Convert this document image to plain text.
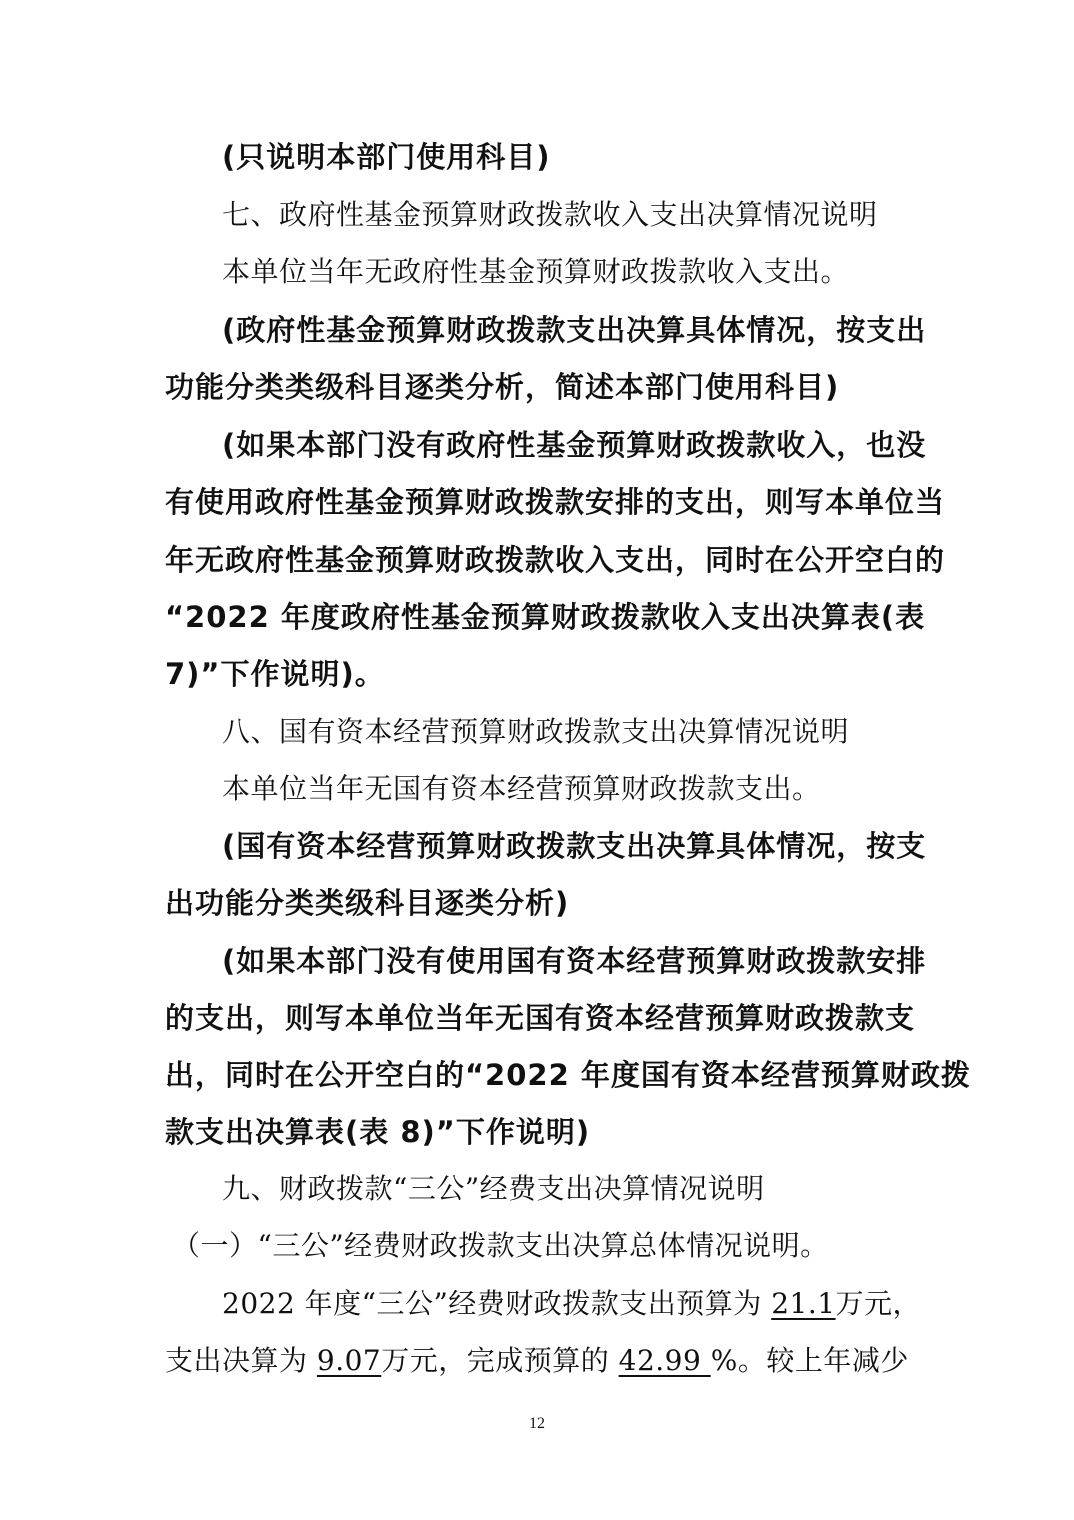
(只说明本部门使用科目)
七、政府性基金预算财政拨款收入支出决算情况说明
本单位当年无政府性基金预算财政拨款收入支出。
(政府性基金预算财政拨款支出决算具体情况，按支出
功能分类类级科目逐类分析，简述本部门使用科目)
(如果本部门没有政府性基金预算财政拨款收入，也没
有使用政府性基金预算财政拨款安排的支出，则写本单位当
年无政府性基金预算财政拨款收入支出，同时在公开空白的
“2022 年度政府性基金预算财政拨款收入支出决算表(表
7)”下作说明)。
八、国有资本经营预算财政拨款支出决算情况说明
本单位当年无国有资本经营预算财政拨款支出。
(国有资本经营预算财政拨款支出决算具体情况，按支
出功能分类类级科目逐类分析)
(如果本部门没有使用国有资本经营预算财政拨款安排
的支出，则写本单位当年无国有资本经营预算财政拨款支
出，同时在公开空白的“2022 年度国有资本经营预算财政拨
款支出决算表(表 8)”下作说明)
九、财政拨款“三公”经费支出决算情况说明
（一）“三公”经费财政拨款支出决算总体情况说明。
2022 年度“三公”经费财政拨款支出预算为 21.1万元，
支出决算为 9.07万元，完成预算的 42.99 %。较上年减少
12
